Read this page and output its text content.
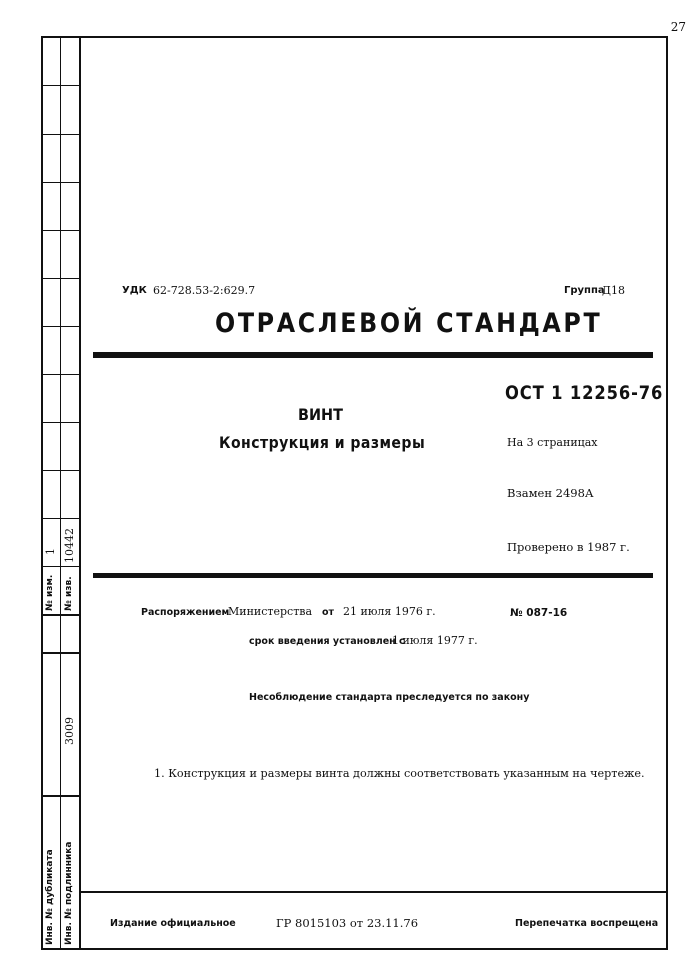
27
1 10442
№ изм. № изв.
3009
Инв. № дубликата Инв. № подлинника
УДК 62-728.53-2:629.7	Группа
Д18
ОТРАСЛЕВОЙ СТАНДАРТ
ОСТ 1 12256-76
ВИНТ
Конструкция и размеры	На 3 страницах
Взамен 2498А
Проверено в 1987 г.
Распоряжением
Министерства от 21 июля 1976 г.	№ 087-16
срок введения установлен с
1 июля 1977 г.
Несоблюдение стандарта преследуется по закону
1. Конструкция и размеры винта должны соответствовать указанным на чертеже.
Издание официальное	ГР 8015103 от 23.11.76	Перепечатка воспрещена
